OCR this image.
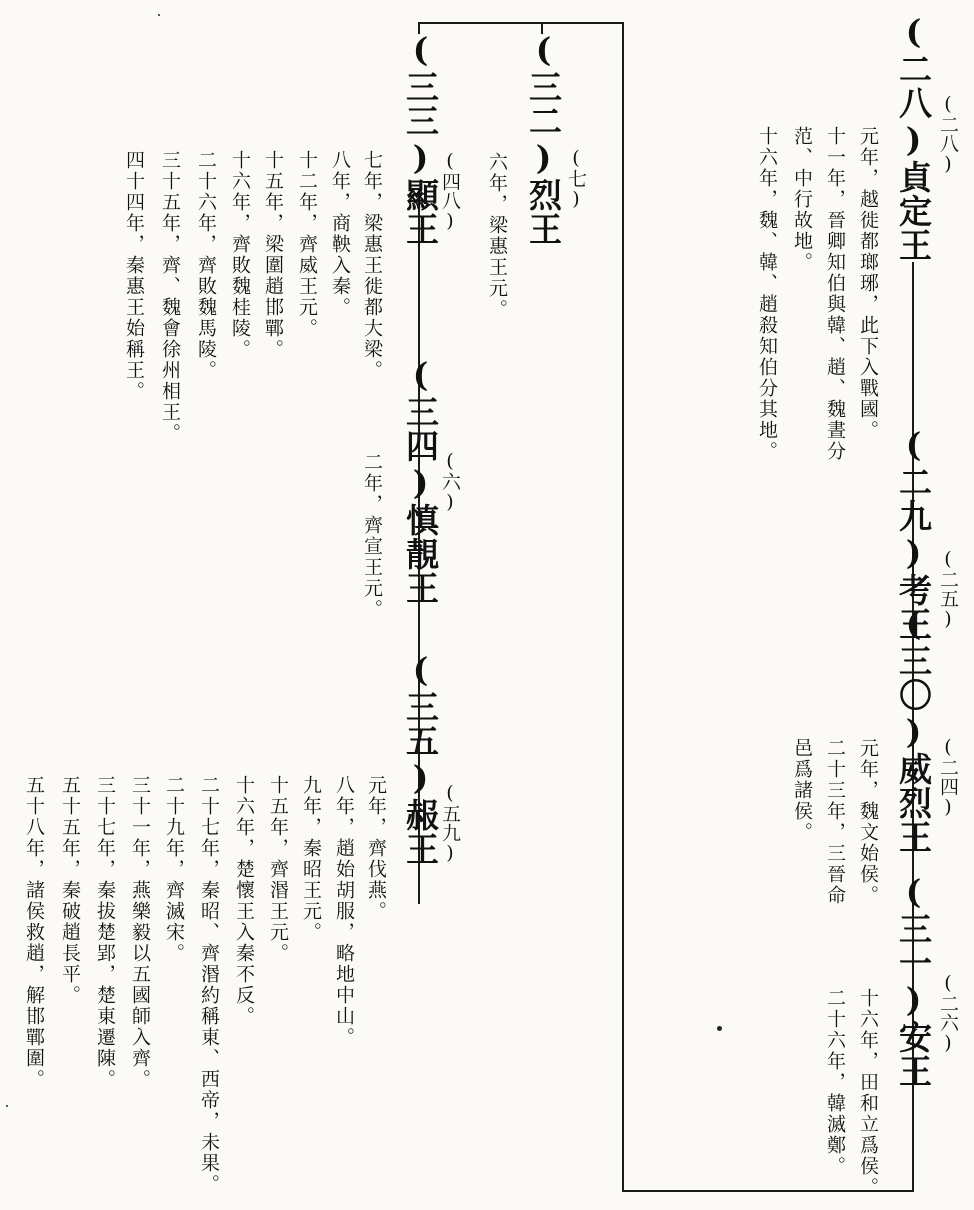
(二八)貞定王 (二八)
(二九)考王 (二五)
(三〇)威烈王 (二四)
(三一)安王 (二六)
元年，越徙都瑯琊，此下入戰國。
十一年，晉卿知伯與韓、趙、魏晝分
范、中行故地。
十六年，魏、韓、趙殺知伯分其地。
元年，魏文始侯。
二十三年，三晉命
邑爲諸侯。
十六年，田和立爲侯。
二十六年，韓滅鄭。
(三二)烈王 (七)
六年，梁惠王元。
(三三)顯王 (四八)
七年，梁惠王徙都大梁。
八年，商鞅入秦。
十二年，齊威王元。
十五年，梁圍趙邯鄲。
十六年，齊敗魏桂陵。
二十六年，齊敗魏馬陵。
三十五年，齊、魏會徐州相王。
四十四年，秦惠王始稱王。
(三四)慎靚王 (六)
二年，齊宣王元。
(三五)赧王 (五九)
元年，齊伐燕。
八年，趙始胡服，略地中山。
九年，秦昭王元。
十五年，齊湣王元。
十六年，楚懷王入秦不反。
二十七年，秦昭、齊湣約稱東、西帝，未果。
二十九年，齊滅宋。
三十一年，燕樂毅以五國師入齊。
三十七年，秦拔楚郢，楚東遷陳。
五十五年，秦破趙長平。
五十八年，諸侯救趙，解邯鄲圍。
